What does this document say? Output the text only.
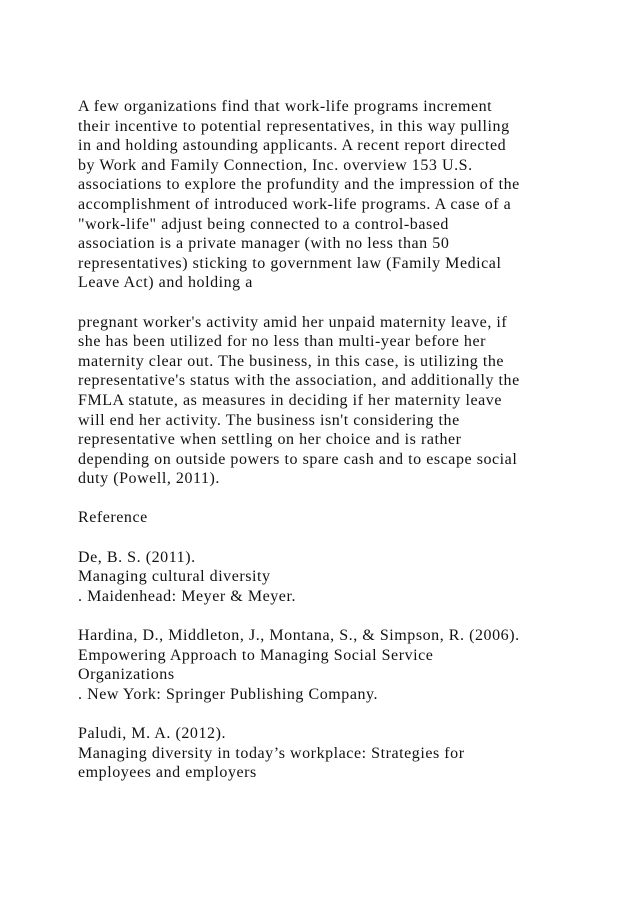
A few organizations find that work-life programs increment
their incentive to potential representatives, in this way pulling
in and holding astounding applicants. A recent report directed
by Work and Family Connection, Inc. overview 153 U.S.
associations to explore the profundity and the impression of the
accomplishment of introduced work-life programs. A case of a
"work-life" adjust being connected to a control-based
association is a private manager (with no less than 50
representatives) sticking to government law (Family Medical
Leave Act) and holding a

pregnant worker's activity amid her unpaid maternity leave, if
she has been utilized for no less than multi-year before her
maternity clear out. The business, in this case, is utilizing the
representative's status with the association, and additionally the
FMLA statute, as measures in deciding if her maternity leave
will end her activity. The business isn't considering the
representative when settling on her choice and is rather
depending on outside powers to spare cash and to escape social
duty (Powell, 2011).

Reference

De, B. S. (2011).
Managing cultural diversity
. Maidenhead: Meyer & Meyer.

Hardina, D., Middleton, J., Montana, S., & Simpson, R. (2006).
Empowering Approach to Managing Social Service
Organizations
. New York: Springer Publishing Company.

Paludi, M. A. (2012).
Managing diversity in today’s workplace: Strategies for
employees and employers
